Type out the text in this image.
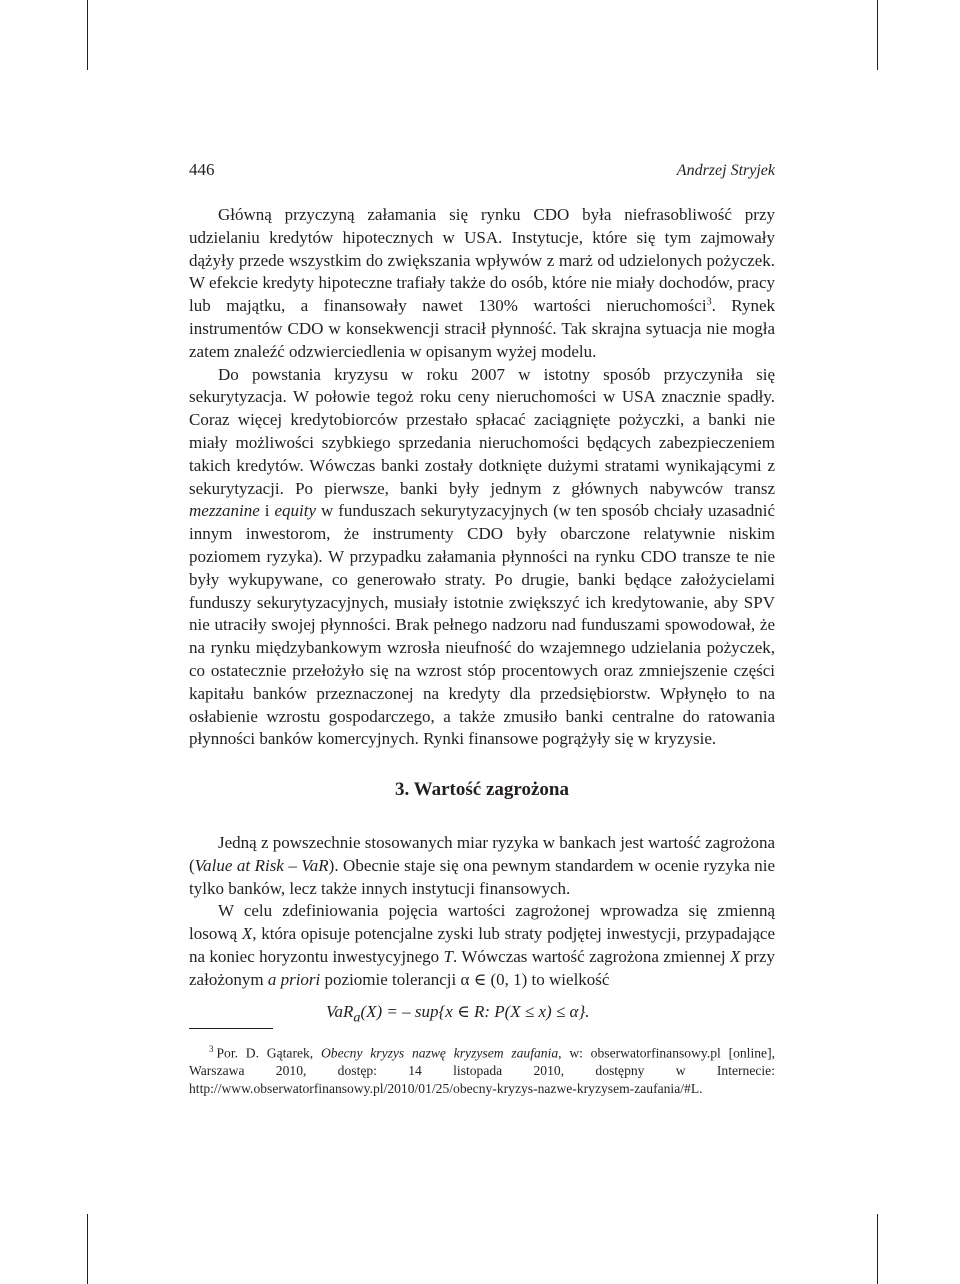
446	Andrzej Stryjek

Główną przyczyną załamania się rynku CDO była niefrasobliwość przy udzielaniu kredytów hipotecznych w USA. Instytucje, które się tym zajmowały dążyły przede wszystkim do zwiększania wpływów z marż od udzielonych pożyczek. W efekcie kredyty hipoteczne trafiały także do osób, które nie miały dochodów, pracy lub majątku, a finansowały nawet 130% wartości nieruchomości$^3$. Rynek instrumentów CDO w konsekwencji stracił płynność. Tak skrajna sytuacja nie mogła zatem znaleźć odzwierciedlenia w opisanym wyżej modelu.

Do powstania kryzysu w roku 2007 w istotny sposób przyczyniła się sekurytyzacja. W połowie tegoż roku ceny nieruchomości w USA znacznie spadły. Coraz więcej kredytobiorców przestało spłacać zaciągnięte pożyczki, a banki nie miały możliwości szybkiego sprzedania nieruchomości będących zabezpieczeniem takich kredytów. Wówczas banki zostały dotknięte dużymi stratami wynikającymi z sekurytyzacji. Po pierwsze, banki były jednym z głównych nabywców transz mezzanine i equity w funduszach sekurytyzacyjnych (w ten sposób chciały uzasadnić innym inwestorom, że instrumenty CDO były obarczone relatywnie niskim poziomem ryzyka). W przypadku załamania płynności na rynku CDO transze te nie były wykupywane, co generowało straty. Po drugie, banki będące założycielami funduszy sekurytyzacyjnych, musiały istotnie zwiększyć ich kredytowanie, aby SPV nie utraciły swojej płynności. Brak pełnego nadzoru nad funduszami spowodował, że na rynku międzybankowym wzrosła nieufność do wzajemnego udzielania pożyczek, co ostatecznie przełożyło się na wzrost stóp procentowych oraz zmniejszenie części kapitału banków przeznaczonej na kredyty dla przedsiębiorstw. Wpłynęło to na osłabienie wzrostu gospodarczego, a także zmusiło banki centralne do ratowania płynności banków komercyjnych. Rynki finansowe pogrążyły się w kryzysie.

3. Wartość zagrożona

Jedną z powszechnie stosowanych miar ryzyka w bankach jest wartość zagrożona (Value at Risk – VaR). Obecnie staje się ona pewnym standardem w ocenie ryzyka nie tylko banków, lecz także innych instytucji finansowych.

W celu zdefiniowania pojęcia wartości zagrożonej wprowadza się zmienną losową X, która opisuje potencjalne zyski lub straty podjętej inwestycji, przypadające na koniec horyzontu inwestycyjnego T. Wówczas wartość zagrożona zmiennej X przy założonym a priori poziomie tolerancji α ∈ (0, 1) to wielkość

VaR$_a$(X) = – sup{x ∈ R: P(X ≤ x) ≤ α}.
$^3$ Por. D. Gątarek, Obecny kryzys nazwę kryzysem zaufania, w: obserwatorfinansowy.pl [online], Warszawa 2010, dostęp: 14 listopada 2010, dostępny w Internecie: http://www.obserwatorfinansowy.pl/2010/01/25/obecny-kryzys-nazwe-kryzysem-zaufania/#L.
